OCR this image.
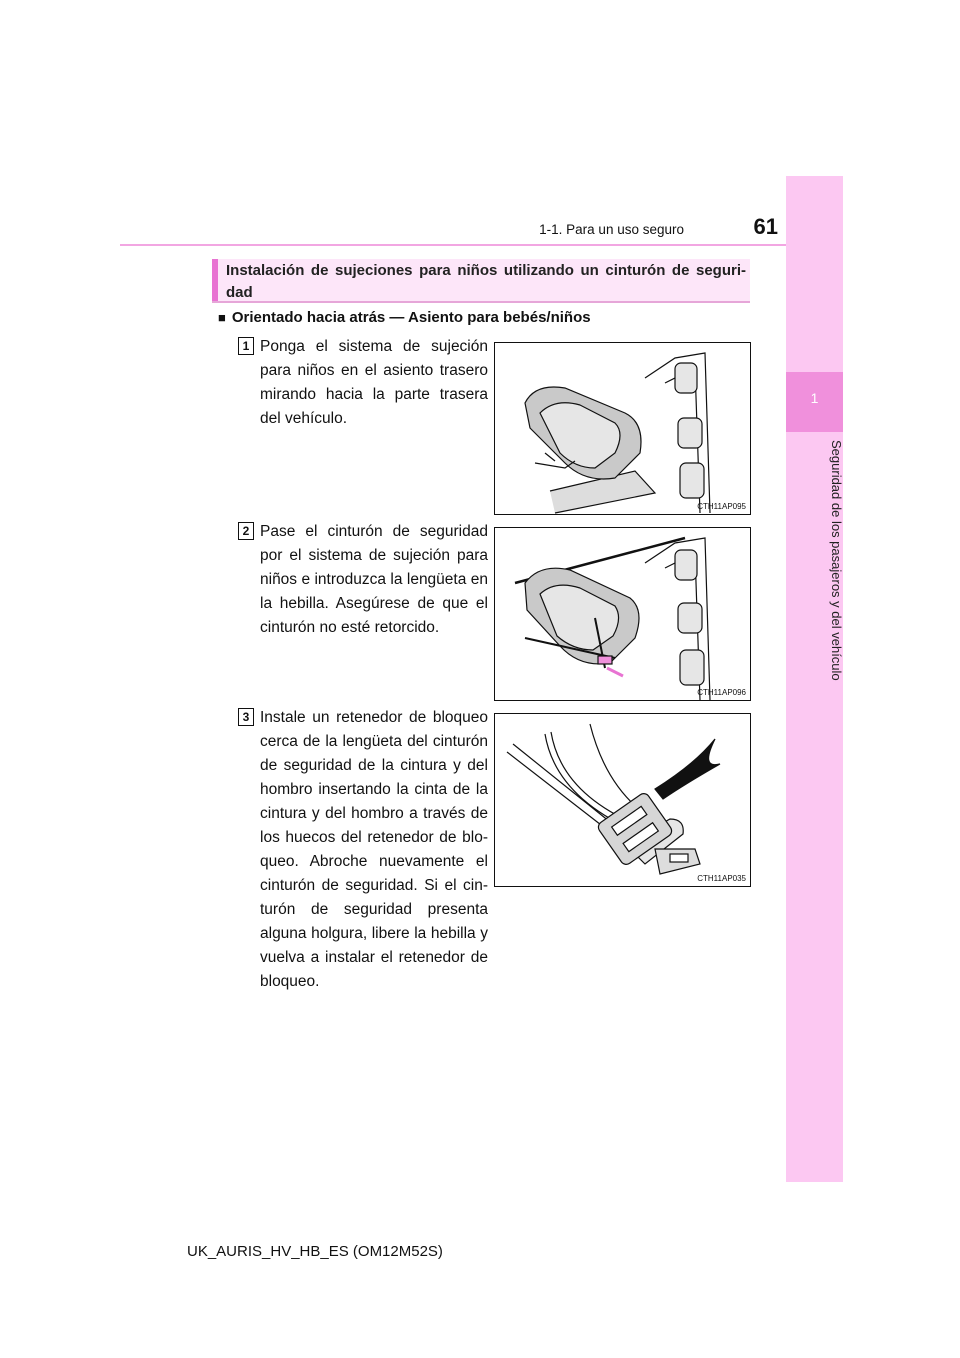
1-1. Para un uso seguro	61
1
Seguridad de los pasajeros y del vehículo
Instalación de sujeciones para niños utilizando un cinturón de seguri-dad
■ Orientado hacia atrás — Asiento para bebés/niños
1 Ponga el sistema de sujeción para niños en el asiento trasero mirando hacia la parte trasera del vehículo.
CTH11AP095
2 Pase el cinturón de seguridad por el sistema de sujeción para niños e introduzca la lengüeta en la hebilla. Asegúrese de que el cinturón no esté retorcido.
CTH11AP096
3 Instale un retenedor de bloqueo cerca de la lengüeta del cinturón de seguridad de la cintura y del hombro insertando la cinta de la cintura y del hombro a través de los huecos del retenedor de blo-queo. Abroche nuevamente el cinturón de seguridad. Si el cin-turón de seguridad presenta alguna holgura, libere la hebilla y vuelva a instalar el retenedor de bloqueo.
CTH11AP035
UK_AURIS_HV_HB_ES (OM12M52S)
